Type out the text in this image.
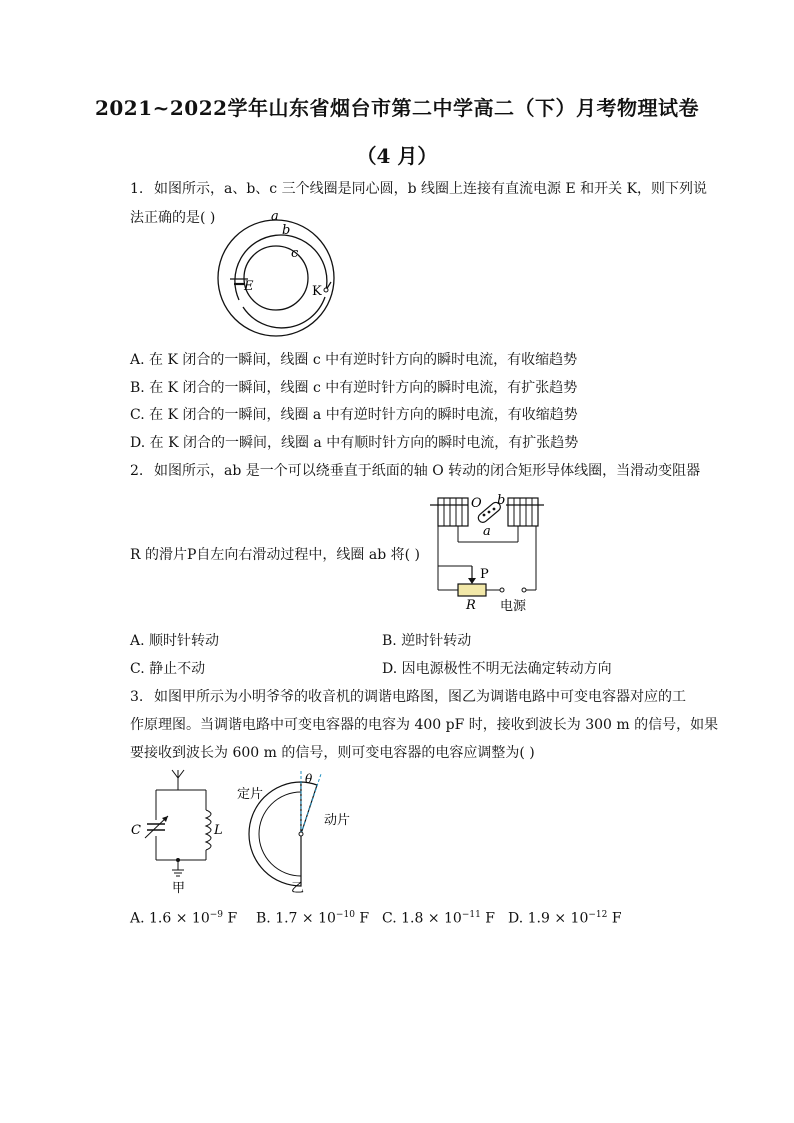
2021~2022学年山东省烟台市第二中学高二（下）月考物理试卷
（4 月）
1. 如图所示，a、b、c 三个线圈是同心圆，b 线圈上连接有直流电源 E 和开关 K，则下列说
法正确的是( )	a
b
c
E	K
A. 在 K 闭合的一瞬间，线圈 c 中有逆时针方向的瞬时电流，有收缩趋势
B. 在 K 闭合的一瞬间，线圈 c 中有逆时针方向的瞬时电流，有扩张趋势
C. 在 K 闭合的一瞬间，线圈 a 中有逆时针方向的瞬时电流，有收缩趋势
D. 在 K 闭合的一瞬间，线圈 a 中有顺时针方向的瞬时电流，有扩张趋势
2. 如图所示，ab 是一个可以绕垂直于纸面的轴 O 转动的闭合矩形导体线圈，当滑动变阻器
O b
a
P
R 电源
R 的滑片P自左向右滑动过程中，线圈 ab 将( )
A. 顺时针转动	B. 逆时针转动
C. 静止不动	D. 因电源极性不明无法确定转动方向
3. 如图甲所示为小明爷爷的收音机的调谐电路图，图乙为调谐电路中可变电容器对应的工
作原理图。当调谐电路中可变电容器的电容为 400 pF 时，接收到波长为 300 m 的信号，如果
要接收到波长为 600 m 的信号，则可变电容器的电容应调整为( )
C	L
甲
θ
定片
动片
乙
A. $1.6 \times 10^{-9}$ F B. $1.7 \times 10^{-10}$ F C. $1.8 \times 10^{-11}$ F D. $1.9 \times 10^{-12}$ F
